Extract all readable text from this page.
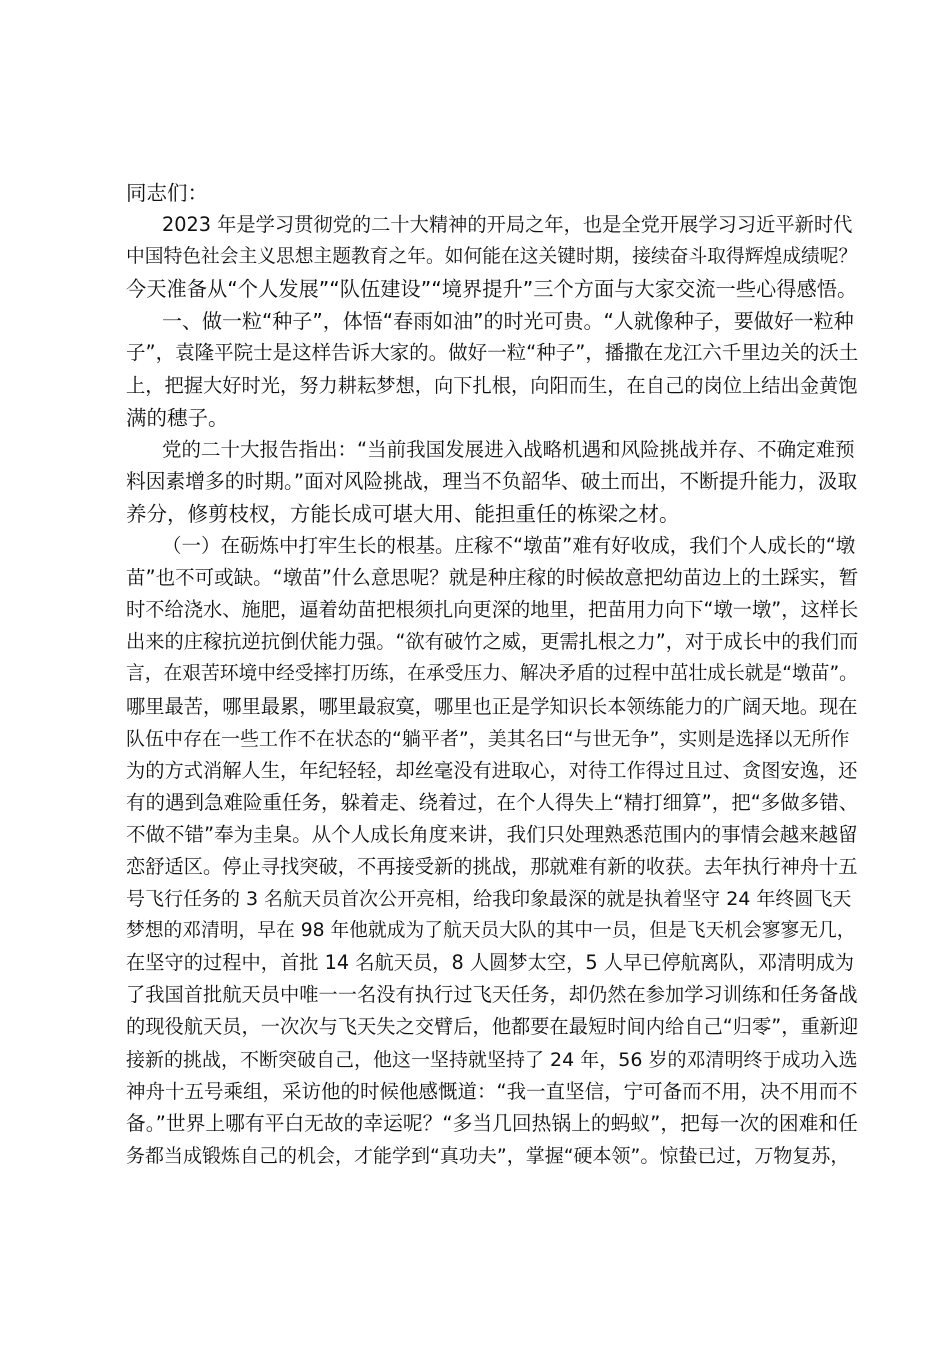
同志们：
2023 年是学习贯彻党的二十大精神的开局之年，也是全党开展学习习近平新时代
中国特色社会主义思想主题教育之年。如何能在这关键时期，接续奋斗取得辉煌成绩呢？
今天准备从“个人发展”“队伍建设”“境界提升”三个方面与大家交流一些心得感悟。
一、做一粒“种子”，体悟“春雨如油”的时光可贵。“人就像种子，要做好一粒种
子”，袁隆平院士是这样告诉大家的。做好一粒“种子”，播撒在龙江六千里边关的沃土
上，把握大好时光，努力耕耘梦想，向下扎根，向阳而生，在自己的岗位上结出金黄饱
满的穗子。
党的二十大报告指出：“当前我国发展进入战略机遇和风险挑战并存、不确定难预
料因素增多的时期。”面对风险挑战，理当不负韶华、破土而出，不断提升能力，汲取
养分，修剪枝杈，方能长成可堪大用、能担重任的栋梁之材。
（一）在砺炼中打牢生长的根基。庄稼不“墩苗”难有好收成，我们个人成长的“墩
苗”也不可或缺。“墩苗”什么意思呢？就是种庄稼的时候故意把幼苗边上的土踩实，暂
时不给浇水、施肥，逼着幼苗把根须扎向更深的地里，把苗用力向下“墩一墩”，这样长
出来的庄稼抗逆抗倒伏能力强。“欲有破竹之威，更需扎根之力”，对于成长中的我们而
言，在艰苦环境中经受摔打历练，在承受压力、解决矛盾的过程中茁壮成长就是“墩苗”。
哪里最苦，哪里最累，哪里最寂寞，哪里也正是学知识长本领练能力的广阔天地。现在
队伍中存在一些工作不在状态的“躺平者”，美其名曰“与世无争”，实则是选择以无所作
为的方式消解人生，年纪轻轻，却丝毫没有进取心，对待工作得过且过、贪图安逸，还
有的遇到急难险重任务，躲着走、绕着过，在个人得失上“精打细算”，把“多做多错、
不做不错”奉为圭臬。从个人成长角度来讲，我们只处理熟悉范围内的事情会越来越留
恋舒适区。停止寻找突破，不再接受新的挑战，那就难有新的收获。去年执行神舟十五
号飞行任务的 3 名航天员首次公开亮相，给我印象最深的就是执着坚守 24 年终圆飞天
梦想的邓清明，早在 98 年他就成为了航天员大队的其中一员，但是飞天机会寥寥无几，
在坚守的过程中，首批 14 名航天员，8 人圆梦太空，5 人早已停航离队，邓清明成为
了我国首批航天员中唯一一名没有执行过飞天任务，却仍然在参加学习训练和任务备战
的现役航天员，一次次与飞天失之交臂后，他都要在最短时间内给自己“归零”，重新迎
接新的挑战，不断突破自己，他这一坚持就坚持了 24 年，56 岁的邓清明终于成功入选
神舟十五号乘组，采访他的时候他感慨道：“我一直坚信，宁可备而不用，决不用而不
备。”世界上哪有平白无故的幸运呢？“多当几回热锅上的蚂蚁”，把每一次的困难和任
务都当成锻炼自己的机会，才能学到“真功夫”，掌握“硬本领”。惊蛰已过，万物复苏，
